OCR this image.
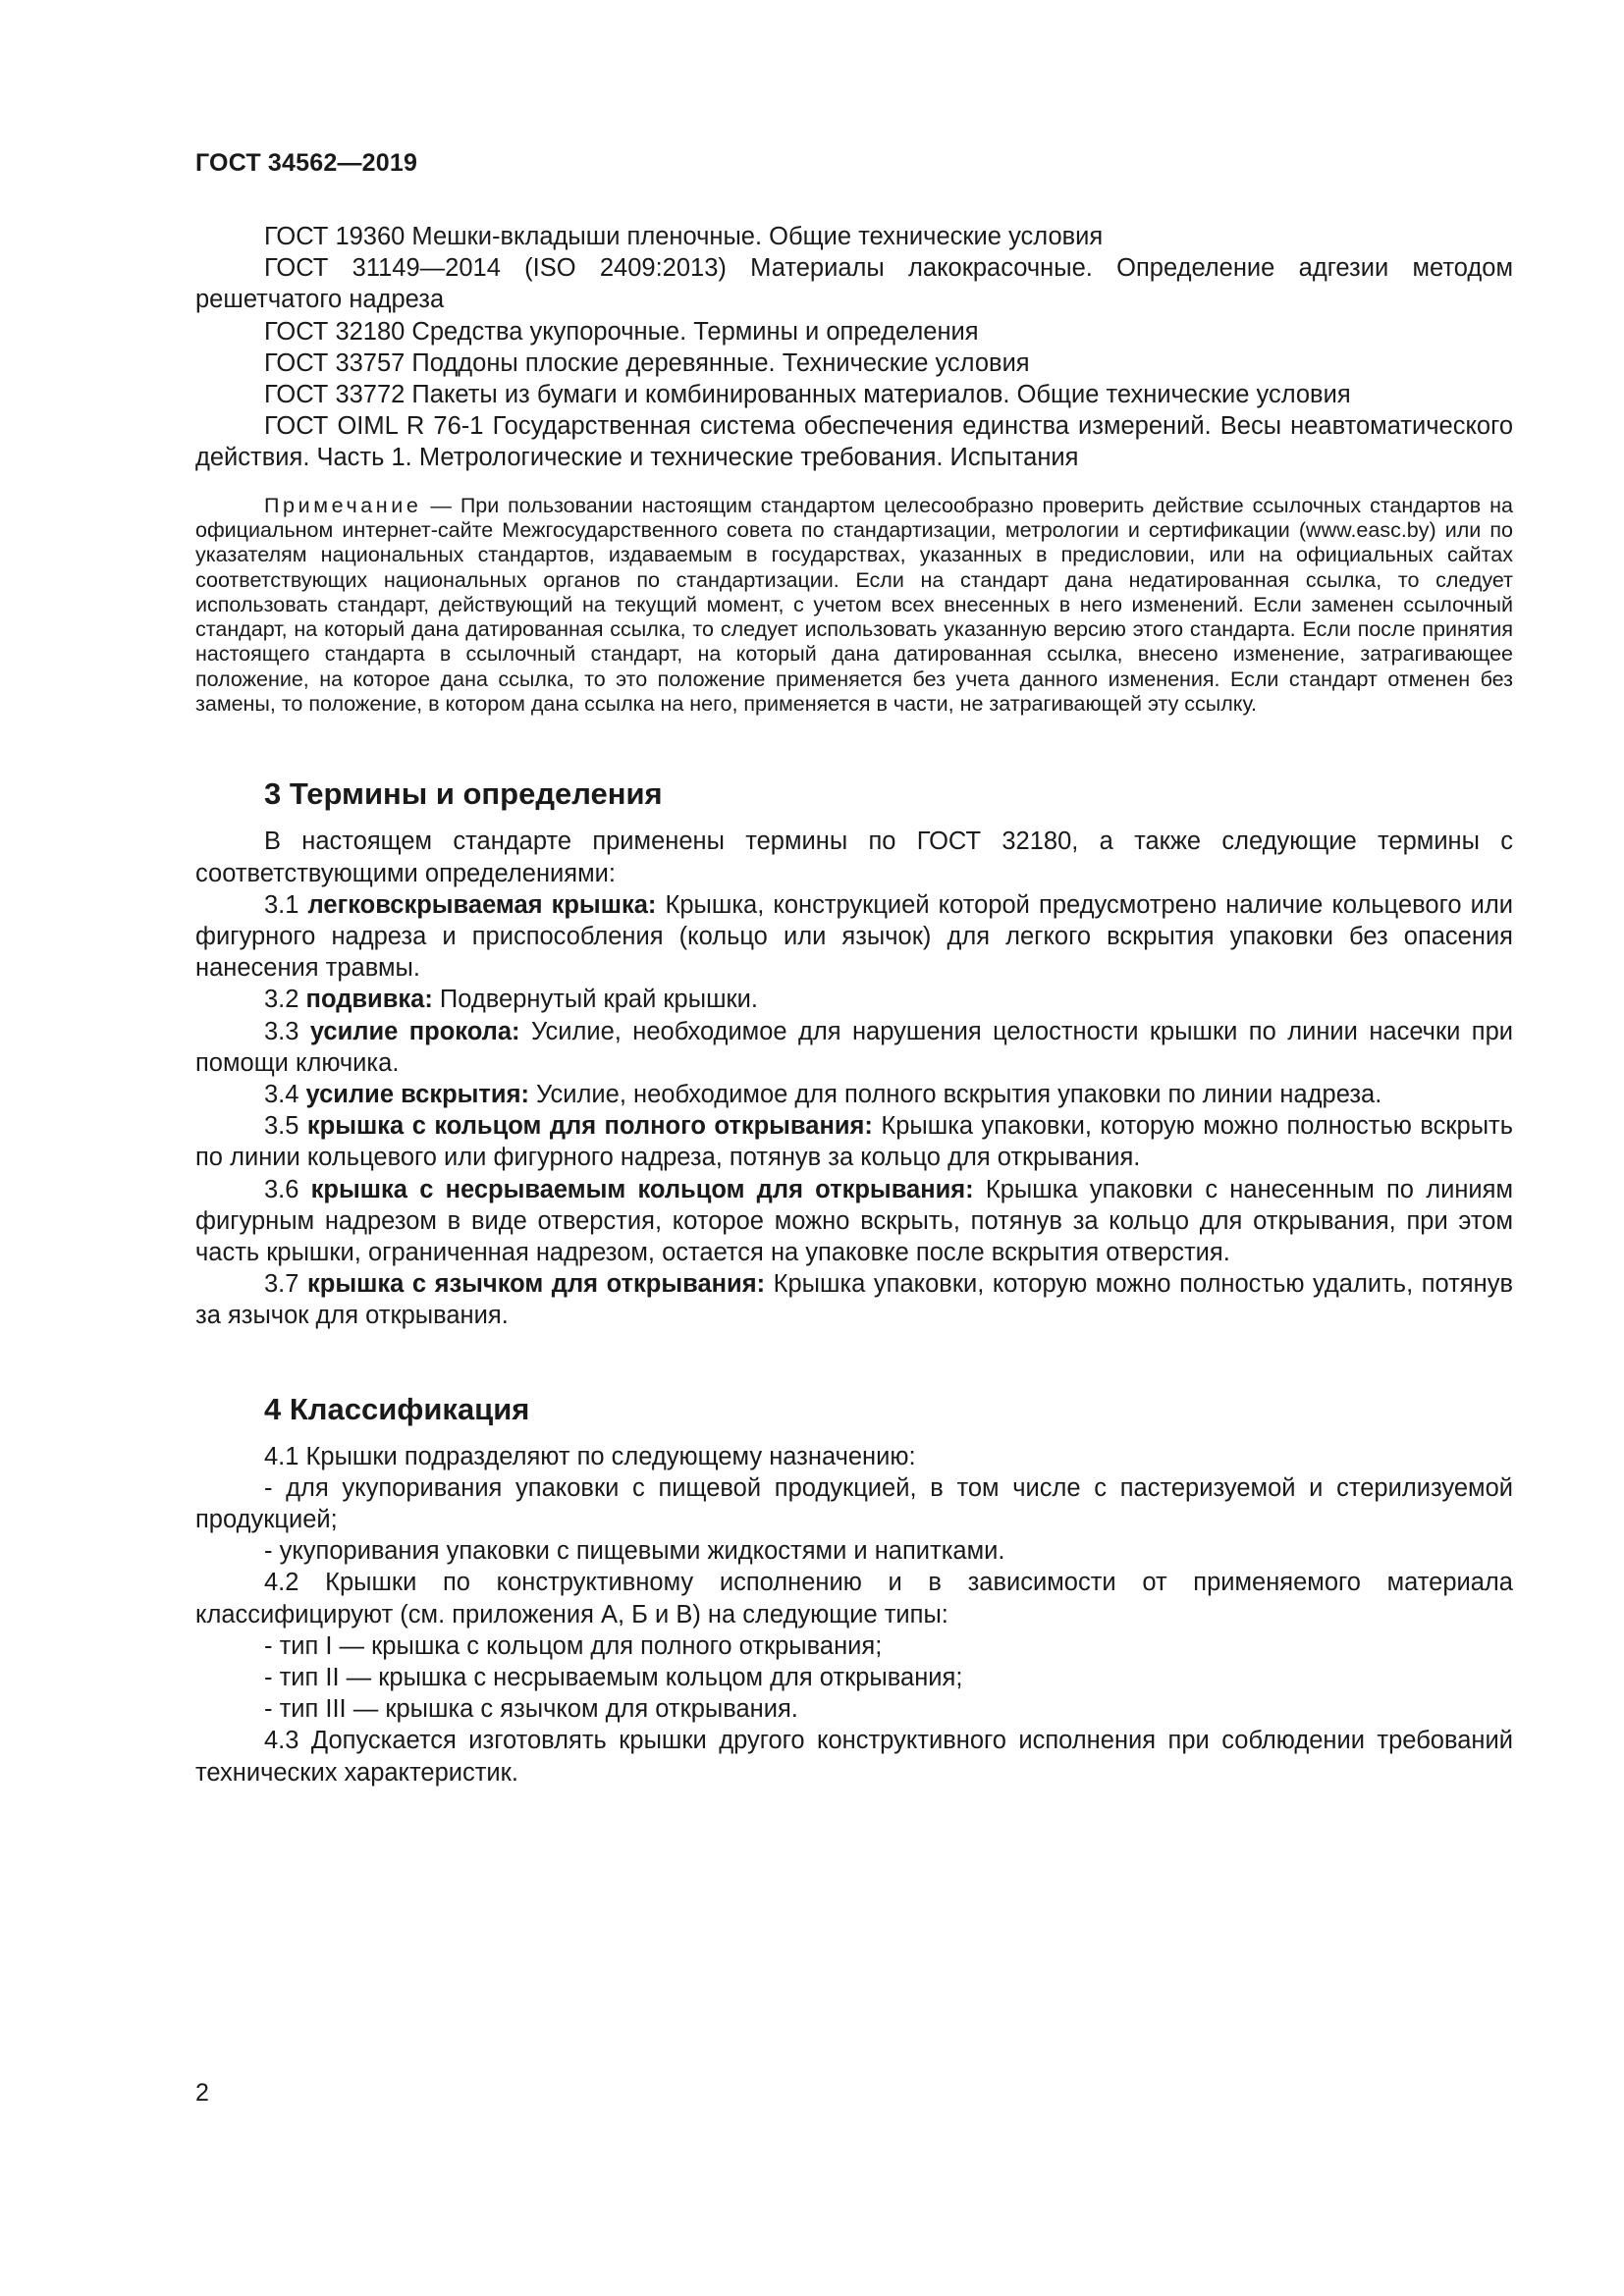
ГОСТ 34562—2019

ГОСТ 19360 Мешки-вкладыши пленочные. Общие технические условия

ГОСТ 31149—2014 (ISO 2409:2013) Материалы лакокрасочные. Определение адгезии методом решетчатого надреза

ГОСТ 32180 Средства укупорочные. Термины и определения

ГОСТ 33757 Поддоны плоские деревянные. Технические условия

ГОСТ 33772 Пакеты из бумаги и комбинированных материалов. Общие технические условия

ГОСТ OIML R 76-1 Государственная система обеспечения единства измерений. Весы неавтоматического действия. Часть 1. Метрологические и технические требования. Испытания

Примечание — При пользовании настоящим стандартом целесообразно проверить действие ссылочных стандартов на официальном интернет-сайте Межгосударственного совета по стандартизации, метрологии и сертификации (www.easc.by) или по указателям национальных стандартов, издаваемым в государствах, указанных в предисловии, или на официальных сайтах соответствующих национальных органов по стандартизации. Если на стандарт дана недатированная ссылка, то следует использовать стандарт, действующий на текущий момент, с учетом всех внесенных в него изменений. Если заменен ссылочный стандарт, на который дана датированная ссылка, то следует использовать указанную версию этого стандарта. Если после принятия настоящего стандарта в ссылочный стандарт, на который дана датированная ссылка, внесено изменение, затрагивающее положение, на которое дана ссылка, то это положение применяется без учета данного изменения. Если стандарт отменен без замены, то положение, в котором дана ссылка на него, применяется в части, не затрагивающей эту ссылку.

3 Термины и определения

В настоящем стандарте применены термины по ГОСТ 32180, а также следующие термины с соответствующими определениями:

3.1 легковскрываемая крышка: Крышка, конструкцией которой предусмотрено наличие кольцевого или фигурного надреза и приспособления (кольцо или язычок) для легкого вскрытия упаковки без опасения нанесения травмы.

3.2 подвивка: Подвернутый край крышки.

3.3 усилие прокола: Усилие, необходимое для нарушения целостности крышки по линии насечки при помощи ключика.

3.4 усилие вскрытия: Усилие, необходимое для полного вскрытия упаковки по линии надреза.

3.5 крышка с кольцом для полного открывания: Крышка упаковки, которую можно полностью вскрыть по линии кольцевого или фигурного надреза, потянув за кольцо для открывания.

3.6 крышка с несрываемым кольцом для открывания: Крышка упаковки с нанесенным по линиям фигурным надрезом в виде отверстия, которое можно вскрыть, потянув за кольцо для открывания, при этом часть крышки, ограниченная надрезом, остается на упаковке после вскрытия отверстия.

3.7 крышка с язычком для открывания: Крышка упаковки, которую можно полностью удалить, потянув за язычок для открывания.

4 Классификация

4.1 Крышки подразделяют по следующему назначению:

- для укупоривания упаковки с пищевой продукцией, в том числе с пастеризуемой и стерилизуемой продукцией;

- укупоривания упаковки с пищевыми жидкостями и напитками.

4.2 Крышки по конструктивному исполнению и в зависимости от применяемого материала классифицируют (см. приложения А, Б и В) на следующие типы:

- тип I — крышка с кольцом для полного открывания;

- тип II — крышка с несрываемым кольцом для открывания;

- тип III — крышка с язычком для открывания.

4.3 Допускается изготовлять крышки другого конструктивного исполнения при соблюдении требований технических характеристик.

2
